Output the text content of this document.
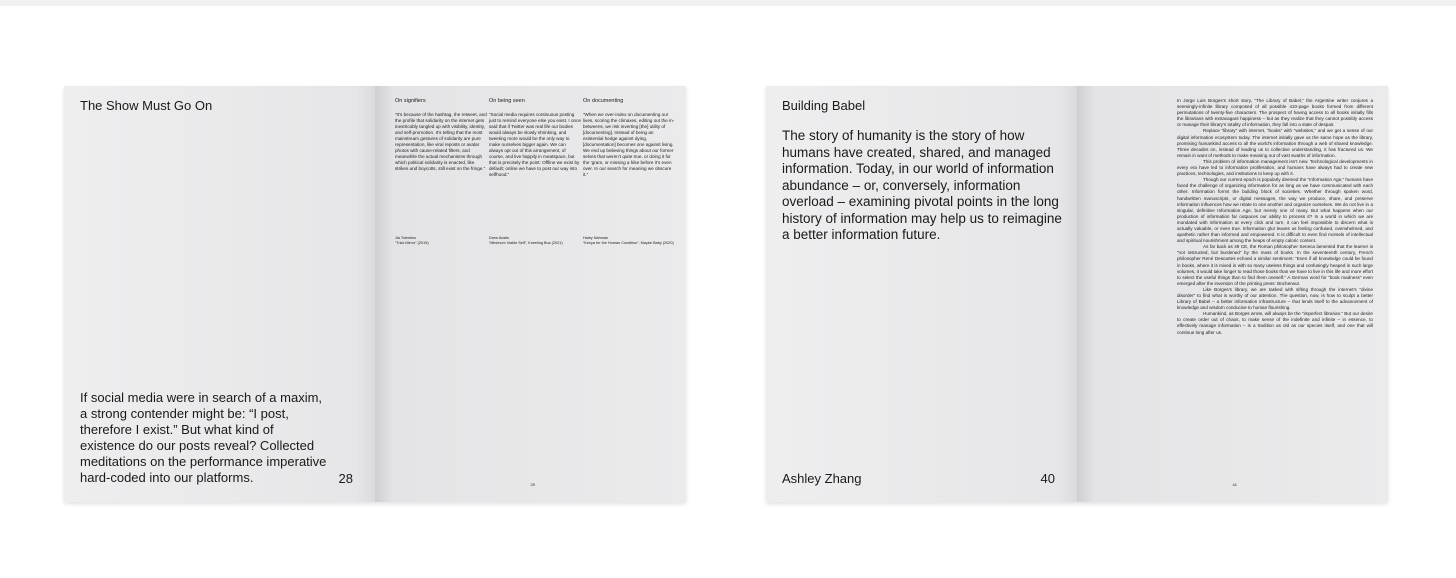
The Show Must Go On
If social media were in search of a maxim, a strong contender might be: “I post, therefore I exist.” But what kind of existence do our posts reveal? Collected meditations on the performance imperative hard-coded into our platforms.	28
On signifiers
“It’s because of the hashtag, the retweet, and the profile that solidarity on the internet gets inextricably tangled up with visibility, identity, and self-promotion. It’s telling that the most mainstream gestures of solidarity are pure representation, like viral reposts or avatar photos with cause-related filters, and meanwhile the actual mechanisms through which political solidarity is enacted, like strikes and boycotts, still exist on the fringe.”
Jia Tolentino
“Trick Mirror” (2019)
On being seen
“Social media requires continuous posting just to remind everyone else you exist. I once said that if Twitter was real life our bodies would always be slowly shrinking, and tweeting more would be the only way to make ourselves bigger again. We can always opt out of this arrangement, of course, and live happily in meatspace, but that is precisely the point: Offline we exist by default; online we have to post our way into selfhood.”
Drew Austin
“Minimum Viable Self”, Kneeling Bus (2021)
On documenting
“When we over-index on documenting our lives, scoring the climaxes, editing out the in-betweens, we risk inverting [the] utility of [documenting]. Instead of being an existential hedge against dying, [documentation] becomes one against living. We end up believing things about our former selves that weren’t quite true, or doing it for the ’gram, or missing a hike before it’s even over. In our search for meaning we obscure it.”
Haley Nahman
“Kenya for the Human Condition”, Maybe Baby (2020)
29
Building Babel
The story of humanity is the story of how humans have created, shared, and managed information. Today, in our world of information abundance – or, conversely, information overload – examining pivotal points in the long history of information may help us to reimagine a better information future.
Ashley Zhang	40

In Jorge Luis Borges’s short story, “The Library of Babel,” the Argentine writer conjures a seemingly-infinite library composed of all possible 410-page books formed from different permutations of twenty-five characters. The prospect of having access to all books initially fills the librarians with extravagant happiness – but as they realize that they cannot possibly access or manage their library’s totality of information, they fall into a state of despair.

Replace “library” with internet, “books” with “websites,” and we get a sense of our digital information ecosystem today. The internet initially gave us the same hope as the library, promising humankind access to all the world’s information through a web of shared knowledge. Three decades on, instead of leading us to collective understanding, it has fractured us. We remain in want of methods to make meaning out of vast swaths of information.

This problem of information management isn’t new. Technological developments in every era have led to information proliferation, and humans have always had to create new practices, technologies, and institutions to keep up with it.

Though our current epoch is popularly deemed the “Information Age,” humans have faced the challenge of organizing information for as long as we have communicated with each other. Information forms the building block of societies. Whether through spoken word, handwritten manuscripts, or digital messages, the way we produce, share, and preserve information influences how we relate to one another and organize ourselves. We do not live in a singular, definitive Information Age, but merely one of many. But what happens when our production of information far outpaces our ability to process it? In a world in which we are inundated with information at every click and turn, it can feel impossible to discern what is actually valuable, or even true. Information glut leaves us feeling confused, overwhelmed, and apathetic rather than informed and empowered. It is difficult to even find morsels of intellectual and spiritual nourishment among the heaps of empty caloric content.

As far back as 49 CE, the Roman philosopher Seneca lamented that the learner is “not instructed, but burdened” by the mass of books. In the seventeenth century, French philosopher René Descartes echoed a similar sentiment: “Even if all knowledge could be found in books, where it is mixed in with so many useless things and confusingly heaped in such large volumes, it would take longer to read those books than we have to live in this life and more effort to select the useful things than to find them oneself.” A German word for “book madness” even emerged after the invention of the printing press: Bücherwut.

Like Borges’s library, we are tasked with sifting through the internet’s “divine disorder” to find what is worthy of our attention. The question, now, is how to sculpt a better Library of Babel – a better information infrastructure – that lends itself to the advancement of knowledge and wisdom conducive to human flourishing.

Humankind, as Borges wrote, will always be the “imperfect librarian.” But our desire to create order out of chaos, to make sense of the indefinite and infinite – in essence, to effectively manage information – is a tradition as old as our species itself, and one that will continue long after us.

41
